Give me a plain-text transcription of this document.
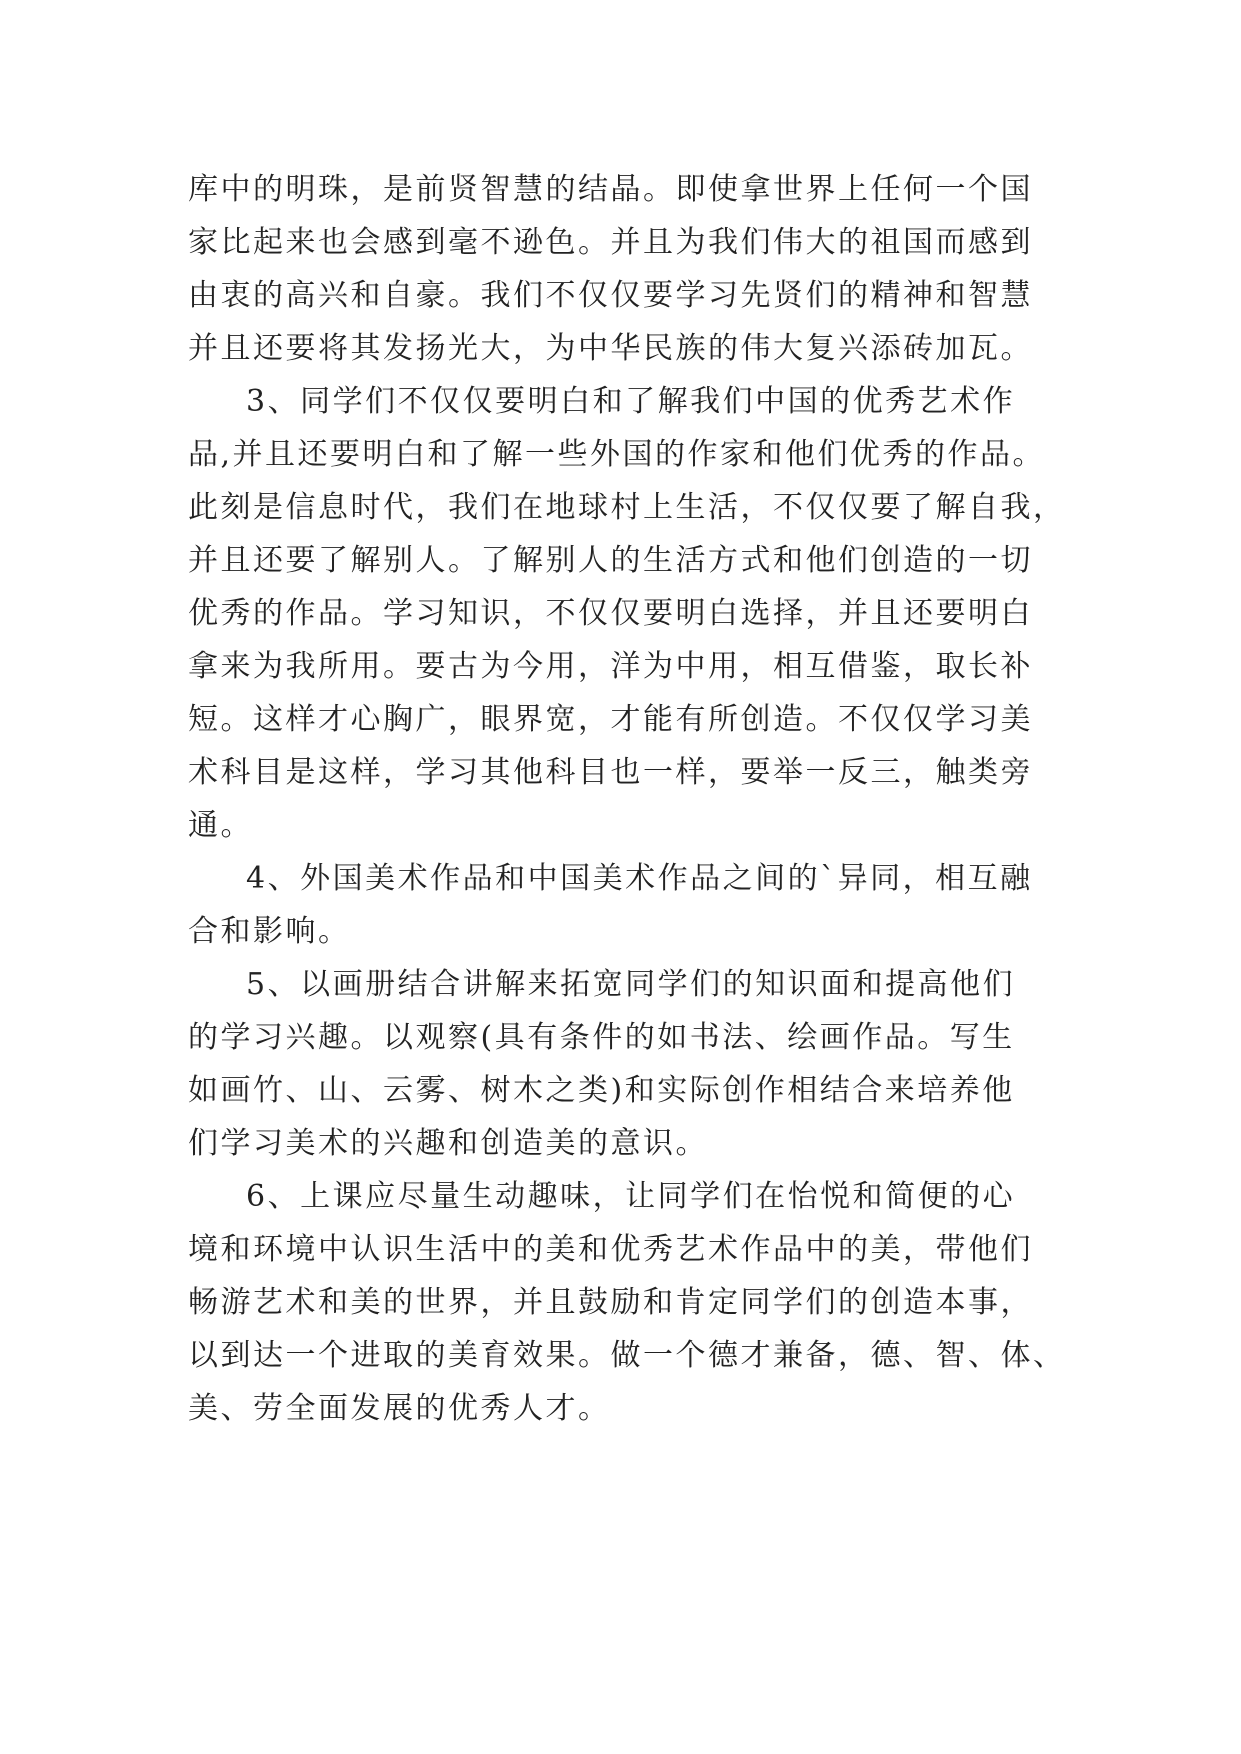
库中的明珠，是前贤智慧的结晶。即使拿世界上任何一个国
家比起来也会感到毫不逊色。并且为我们伟大的祖国而感到
由衷的高兴和自豪。我们不仅仅要学习先贤们的精神和智慧
并且还要将其发扬光大，为中华民族的伟大复兴添砖加瓦。
3、同学们不仅仅要明白和了解我们中国的优秀艺术作
品,并且还要明白和了解一些外国的作家和他们优秀的作品。
此刻是信息时代，我们在地球村上生活，不仅仅要了解自我，
并且还要了解别人。了解别人的生活方式和他们创造的一切
优秀的作品。学习知识，不仅仅要明白选择，并且还要明白
拿来为我所用。要古为今用，洋为中用，相互借鉴，取长补
短。这样才心胸广，眼界宽，才能有所创造。不仅仅学习美
术科目是这样，学习其他科目也一样，要举一反三，触类旁
通。
4、外国美术作品和中国美术作品之间的`异同，相互融
合和影响。
5、以画册结合讲解来拓宽同学们的知识面和提高他们
的学习兴趣。以观察(具有条件的如书法、绘画作品。写生
如画竹、山、云雾、树木之类)和实际创作相结合来培养他
们学习美术的兴趣和创造美的意识。
6、上课应尽量生动趣味，让同学们在怡悦和简便的心
境和环境中认识生活中的美和优秀艺术作品中的美，带他们
畅游艺术和美的世界，并且鼓励和肯定同学们的创造本事，
以到达一个进取的美育效果。做一个德才兼备，德、智、体、
美、劳全面发展的优秀人才。
